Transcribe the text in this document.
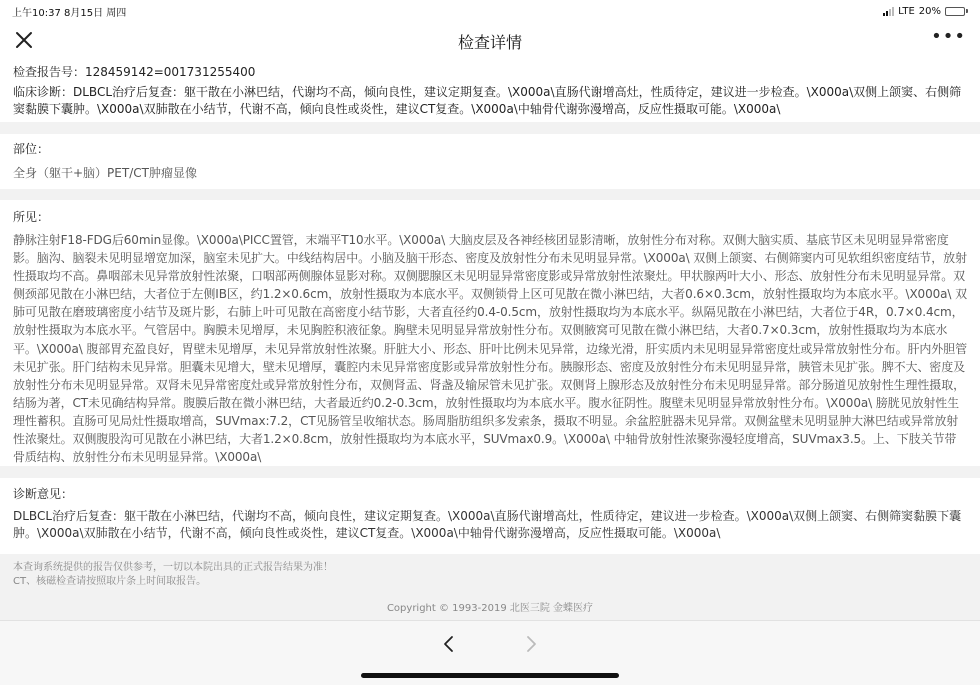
上午10:37 8月15日 周四	LTE 20%
检查详情	•••
检查报告号：128459142=001731255400
临床诊断：DLBCL治疗后复查：躯干散在小淋巴结，代谢均不高，倾向良性，建议定期复查。\X000a\直肠代谢增高灶，性质待定，建议进一步检查。\X000a\双侧上颌窦、右侧筛窦黏膜下囊肿。\X000a\双肺散在小结节，代谢不高，倾向良性或炎性，建议CT复查。\X000a\中轴骨代谢弥漫增高，反应性摄取可能。\X000a\
部位：
全身（躯干+脑）PET/CT肿瘤显像
所见：
静脉注射F18-FDG后60min显像。\X000a\PICC置管，末端平T10水平。\X000a\ 大脑皮层及各神经核团显影清晰，放射性分布对称。双侧大脑实质、基底节区未见明显异常密度影。脑沟、脑裂未见明显增宽加深，脑室未见扩大。中线结构居中。小脑及脑干形态、密度及放射性分布未见明显异常。\X000a\ 双侧上颌窦、右侧筛窦内可见软组织密度结节，放射性摄取均不高。鼻咽部未见异常放射性浓聚，口咽部两侧腺体显影对称。双侧腮腺区未见明显异常密度影或异常放射性浓聚灶。甲状腺两叶大小、形态、放射性分布未见明显异常。双侧颈部见散在小淋巴结，大者位于左侧IB区，约1.2×0.6cm，放射性摄取为本底水平。双侧锁骨上区可见散在微小淋巴结，大者0.6×0.3cm，放射性摄取均为本底水平。\X000a\ 双肺可见散在磨玻璃密度小结节及斑片影，右肺上叶可见散在高密度小结节影，大者直径约0.4-0.5cm，放射性摄取均为本底水平。纵隔见散在小淋巴结，大者位于4R，0.7×0.4cm，放射性摄取为本底水平。气管居中。胸膜未见增厚，未见胸腔积液征象。胸壁未见明显异常放射性分布。双侧腋窝可见散在微小淋巴结，大者0.7×0.3cm，放射性摄取均为本底水平。\X000a\ 腹部胃充盈良好，胃壁未见增厚，未见异常放射性浓聚。肝脏大小、形态、肝叶比例未见异常，边缘光滑，肝实质内未见明显异常密度灶或异常放射性分布。肝内外胆管未见扩张。肝门结构未见异常。胆囊未见增大，壁未见增厚，囊腔内未见异常密度影或异常放射性分布。胰腺形态、密度及放射性分布未见明显异常，胰管未见扩张。脾不大、密度及放射性分布未见明显异常。双肾未见异常密度灶或异常放射性分布，双侧肾盂、肾盏及输尿管未见扩张。双侧肾上腺形态及放射性分布未见明显异常。部分肠道见放射性生理性摄取，结肠为著，CT未见确结构异常。腹膜后散在微小淋巴结，大者最近约0.2-0.3cm，放射性摄取均为本底水平。腹水征阴性。腹壁未见明显异常放射性分布。\X000a\ 膀胱见放射性生理性蓄积。直肠可见局灶性摄取增高，SUVmax:7.2，CT见肠管呈收缩状态。肠周脂肪组织多发索条，摄取不明显。余盆腔脏器未见异常。双侧盆壁未见明显肿大淋巴结或异常放射性浓聚灶。双侧腹股沟可见散在小淋巴结，大者1.2×0.8cm，放射性摄取均为本底水平，SUVmax0.9。\X000a\ 中轴骨放射性浓聚弥漫轻度增高，SUVmax3.5。上、下肢关节带骨质结构、放射性分布未见明显异常。\X000a\
诊断意见：
DLBCL治疗后复查：躯干散在小淋巴结，代谢均不高，倾向良性，建议定期复查。\X000a\直肠代谢增高灶，性质待定，建议进一步检查。\X000a\双侧上颌窦、右侧筛窦黏膜下囊肿。\X000a\双肺散在小结节，代谢不高，倾向良性或炎性，建议CT复查。\X000a\中轴骨代谢弥漫增高，反应性摄取可能。\X000a\
本查询系统提供的报告仅供参考，一切以本院出具的正式报告结果为准！
CT、核磁检查请按照取片条上时间取报告。
Copyright © 1993-2019 北医三院 金蝶医疗
